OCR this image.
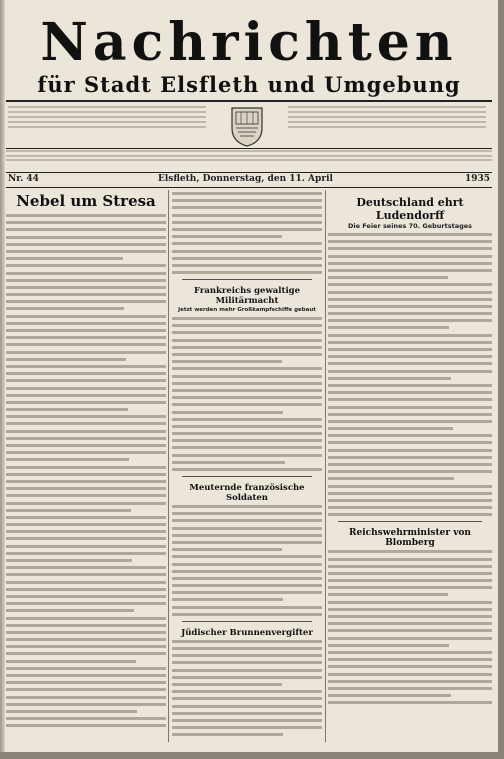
Nachrichten
für Stadt Elsfleth und Umgebung
Nr. 44	Elsfleth, Donnerstag, den 11. April	1935
Nebel um Stresa
Frankreichs gewaltige Militärmacht
Jetzt werden mehr Großkampfschiffe gebaut
Meuternde französische Soldaten
Jüdischer Brunnenvergifter
Deutschland ehrt Ludendorff
Die Feier seines 70. Geburtstages
Reichswehrminister von Blomberg
